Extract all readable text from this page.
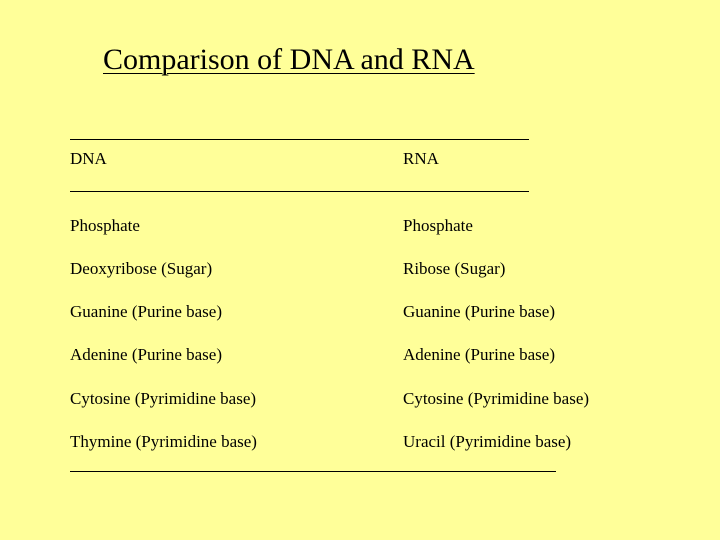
Comparison of DNA and RNA
DNA	RNA
Phosphate	Phosphate
Deoxyribose (Sugar)	Ribose (Sugar)
Guanine (Purine base)	Guanine (Purine base)
Adenine (Purine base)	Adenine (Purine base)
Cytosine (Pyrimidine base)	Cytosine (Pyrimidine base)
Thymine (Pyrimidine base)	Uracil (Pyrimidine base)
